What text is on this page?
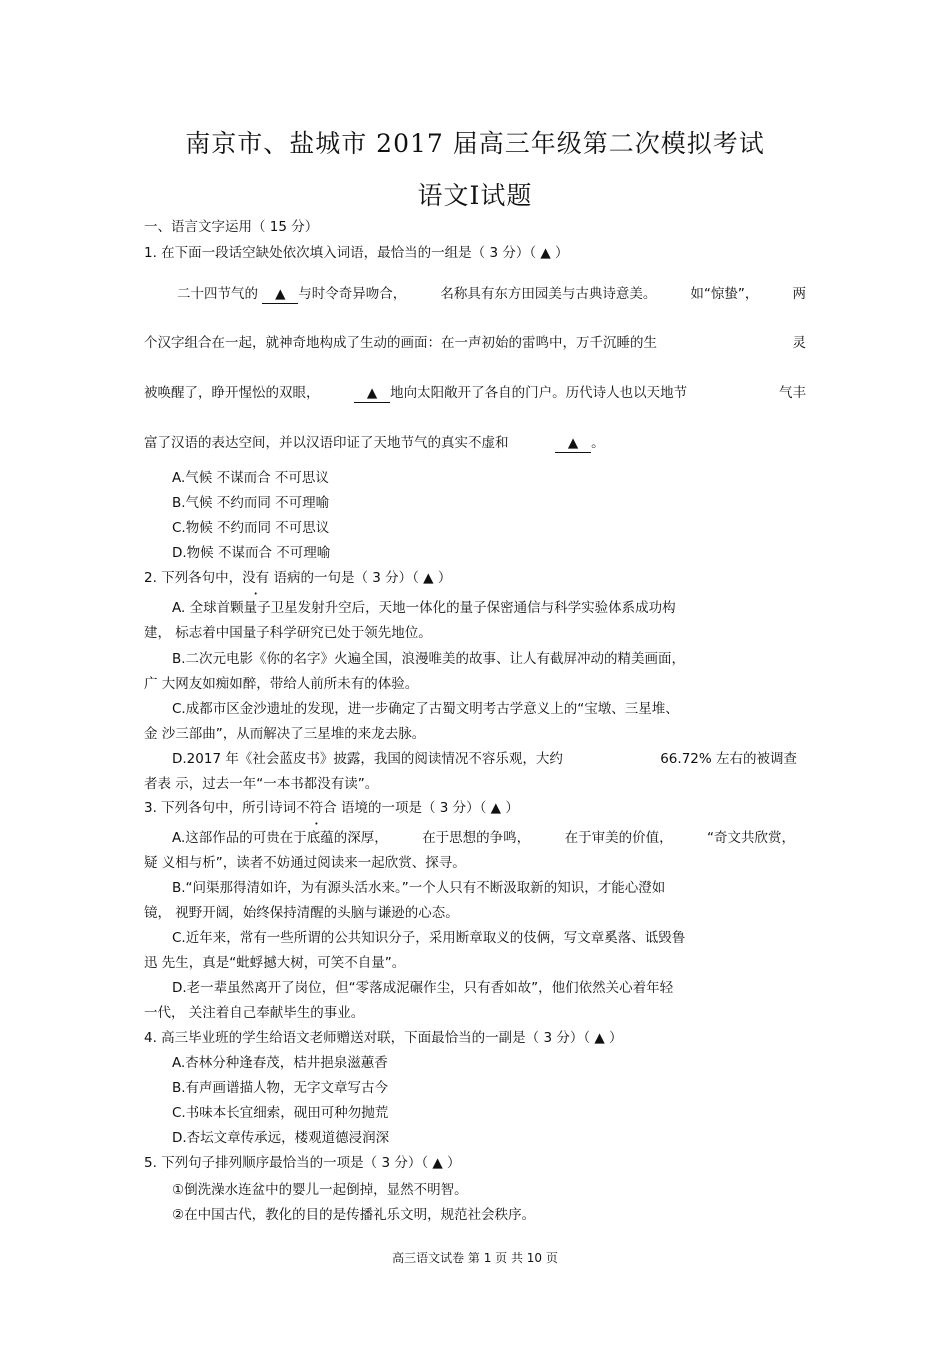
南京市、盐城市 2017 届高三年级第二次模拟考试
语文Ⅰ试题
一、语言文字运用（ 15 分）
1. 在下面一段话空缺处依次填入词语，最恰当的一组是（ 3 分）（ ▲ ）
二十四节气的 ▲ 与时令奇异吻合，	名称具有东方田园美与古典诗意美。	如“惊蛰”，	两
个汉字组合在一起，就神奇地构成了生动的画面：在一声初始的雷鸣中，万千沉睡的生	灵
被唤醒了，睁开惺忪的双眼，	▲ 地向太阳敞开了各自的门户。历代诗人也以天地节	气丰
富了汉语的表达空间，并以汉语印证了天地节气的真实不虚和	▲ 。
A.气候 不谋而合 不可思议
B.气候 不约而同 不可理喻
C.物候 不约而同 不可思议
D.物候 不谋而合 不可理喻
2. 下列各句中，没有 语病的一句是（ 3 分）（ ▲ ）
A. 全球首颗量子卫星发射升空后，天地一体化的量子保密通信与科学实验体系成功构
建， 标志着中国量子科学研究已处于领先地位。
B.二次元电影《你的名字》火遍全国，浪漫唯美的故事、让人有截屏冲动的精美画面，
广 大网友如痴如醉，带给人前所未有的体验。
C.成都市区金沙遗址的发现，进一步确定了古蜀文明考古学意义上的“宝墩、三星堆、
金 沙三部曲”，从而解决了三星堆的来龙去脉。
D.2017 年《社会蓝皮书》披露，我国的阅读情况不容乐观，大约	66.72% 左右的被调查
者表 示，过去一年“一本书都没有读”。
3. 下列各句中，所引诗词不符合 语境的一项是（ 3 分）（ ▲ ）
A.这部作品的可贵在于底蕴的深厚，	在于思想的争鸣，	在于审美的价值，	“奇文共欣赏，
疑 义相与析”，读者不妨通过阅读来一起欣赏、探寻。
B.“问渠那得清如许，为有源头活水来。”一个人只有不断汲取新的知识，才能心澄如
镜， 视野开阔，始终保持清醒的头脑与谦逊的心态。
C.近年来，常有一些所谓的公共知识分子，采用断章取义的伎俩，写文章奚落、诋毁鲁
迅 先生，真是“蚍蜉撼大树，可笑不自量”。
D.老一辈虽然离开了岗位，但“零落成泥碾作尘，只有香如故”，他们依然关心着年轻
一代， 关注着自己奉献毕生的事业。
4. 高三毕业班的学生给语文老师赠送对联，下面最恰当的一副是（ 3 分）（ ▲ ）
A.杏林分种逢春茂，桔井挹泉滋蕙香
B.有声画谱描人物，无字文章写古今
C.书味本长宜细索，砚田可种勿抛荒
D.杏坛文章传承远，楼观道德浸润深
5. 下列句子排列顺序最恰当的一项是（ 3 分）（ ▲ ）
①倒洗澡水连盆中的婴儿一起倒掉，显然不明智。
②在中国古代，教化的目的是传播礼乐文明，规范社会秩序。
高三语文试卷 第 1 页 共 10 页
